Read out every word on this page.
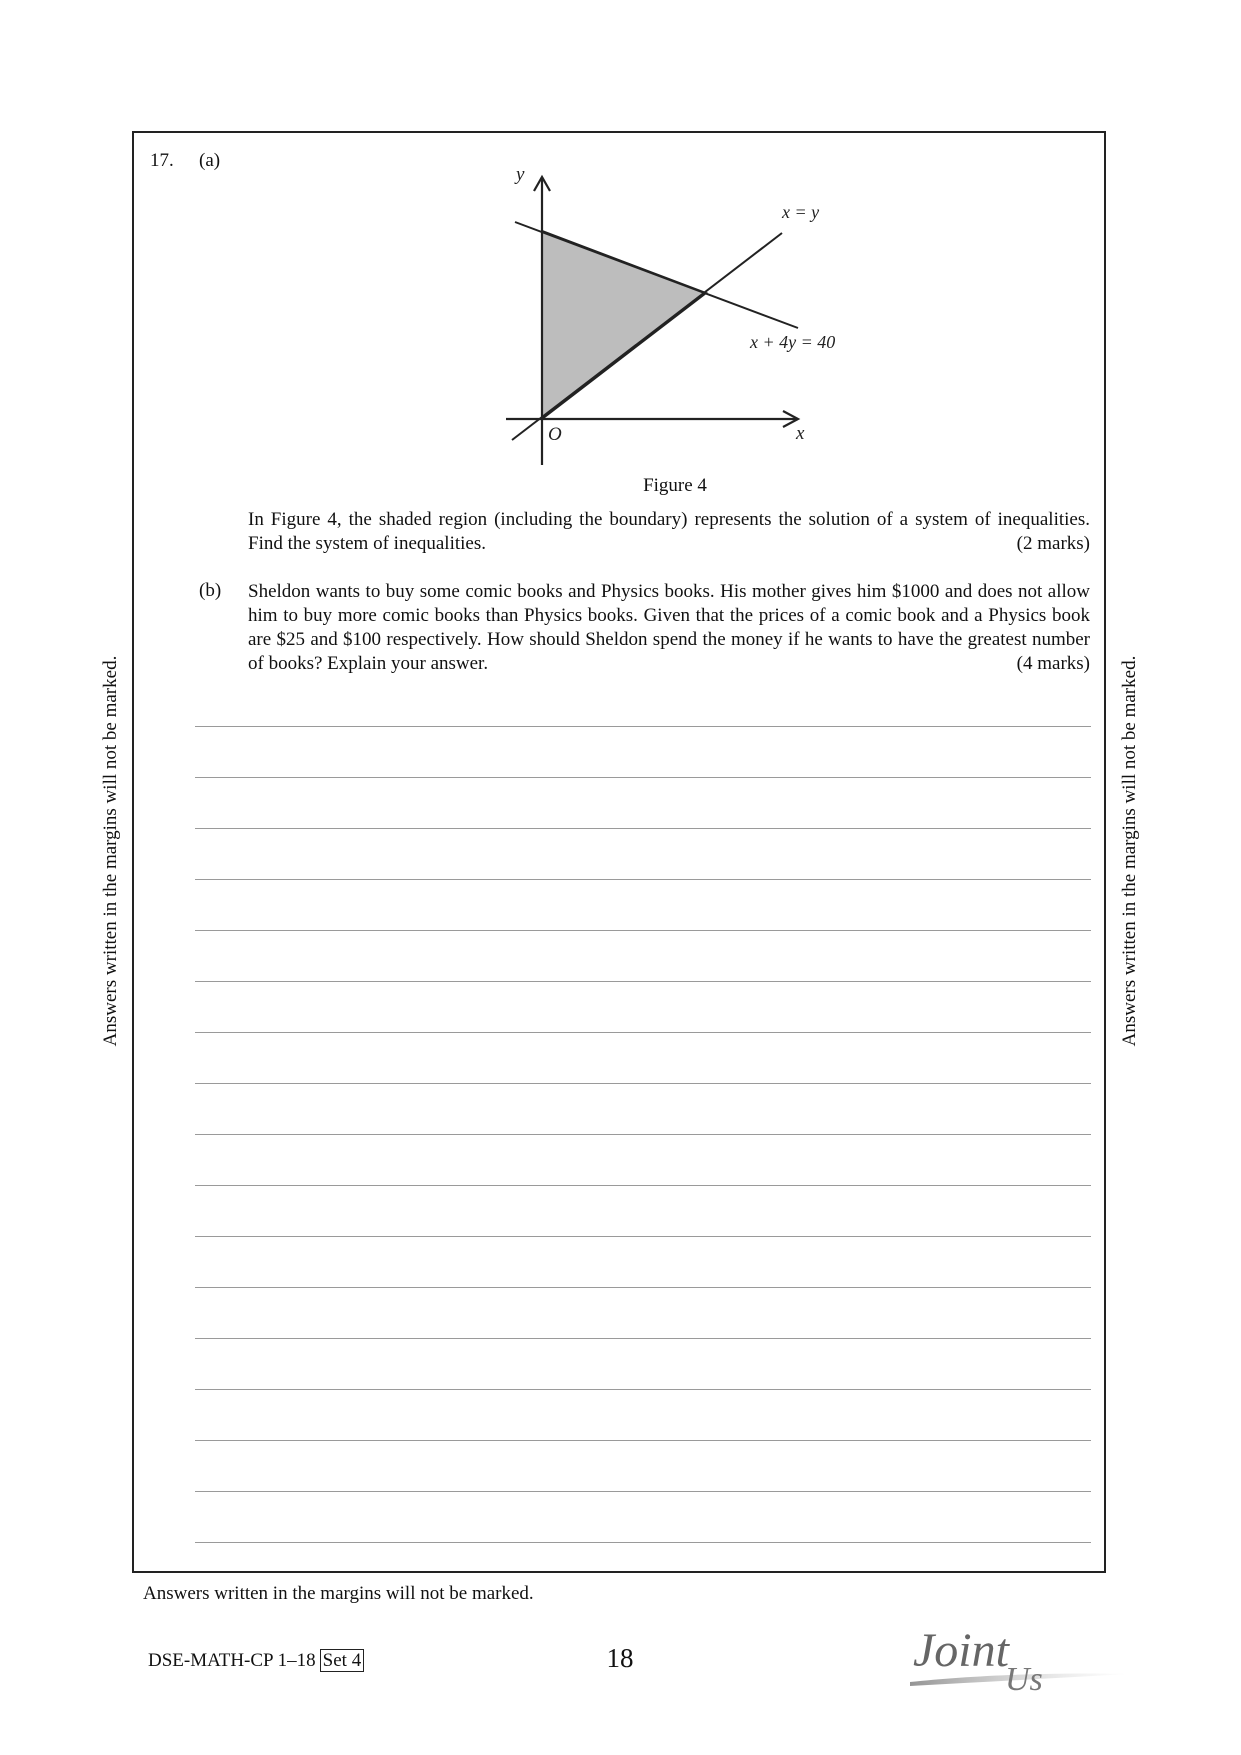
17. (a)
y
x
O
x = y
x + 4y = 40
Figure 4
In Figure 4, the shaded region (including the boundary) represents the solution of a system of inequalities. Find the system of inequalities.	(2 marks)
(b) Sheldon wants to buy some comic books and Physics books. His mother gives him $1000 and does not allow him to buy more comic books than Physics books. Given that the prices of a comic book and a Physics book are $25 and $100 respectively. How should Sheldon spend the money if he wants to have the greatest number of books? Explain your answer.	(4 marks)
Answers written in the margins will not be marked.	Answers written in the margins will not be marked.
Answers written in the margins will not be marked.
DSE-MATH-CP 1–18 Set 4	18	Joint
Us
